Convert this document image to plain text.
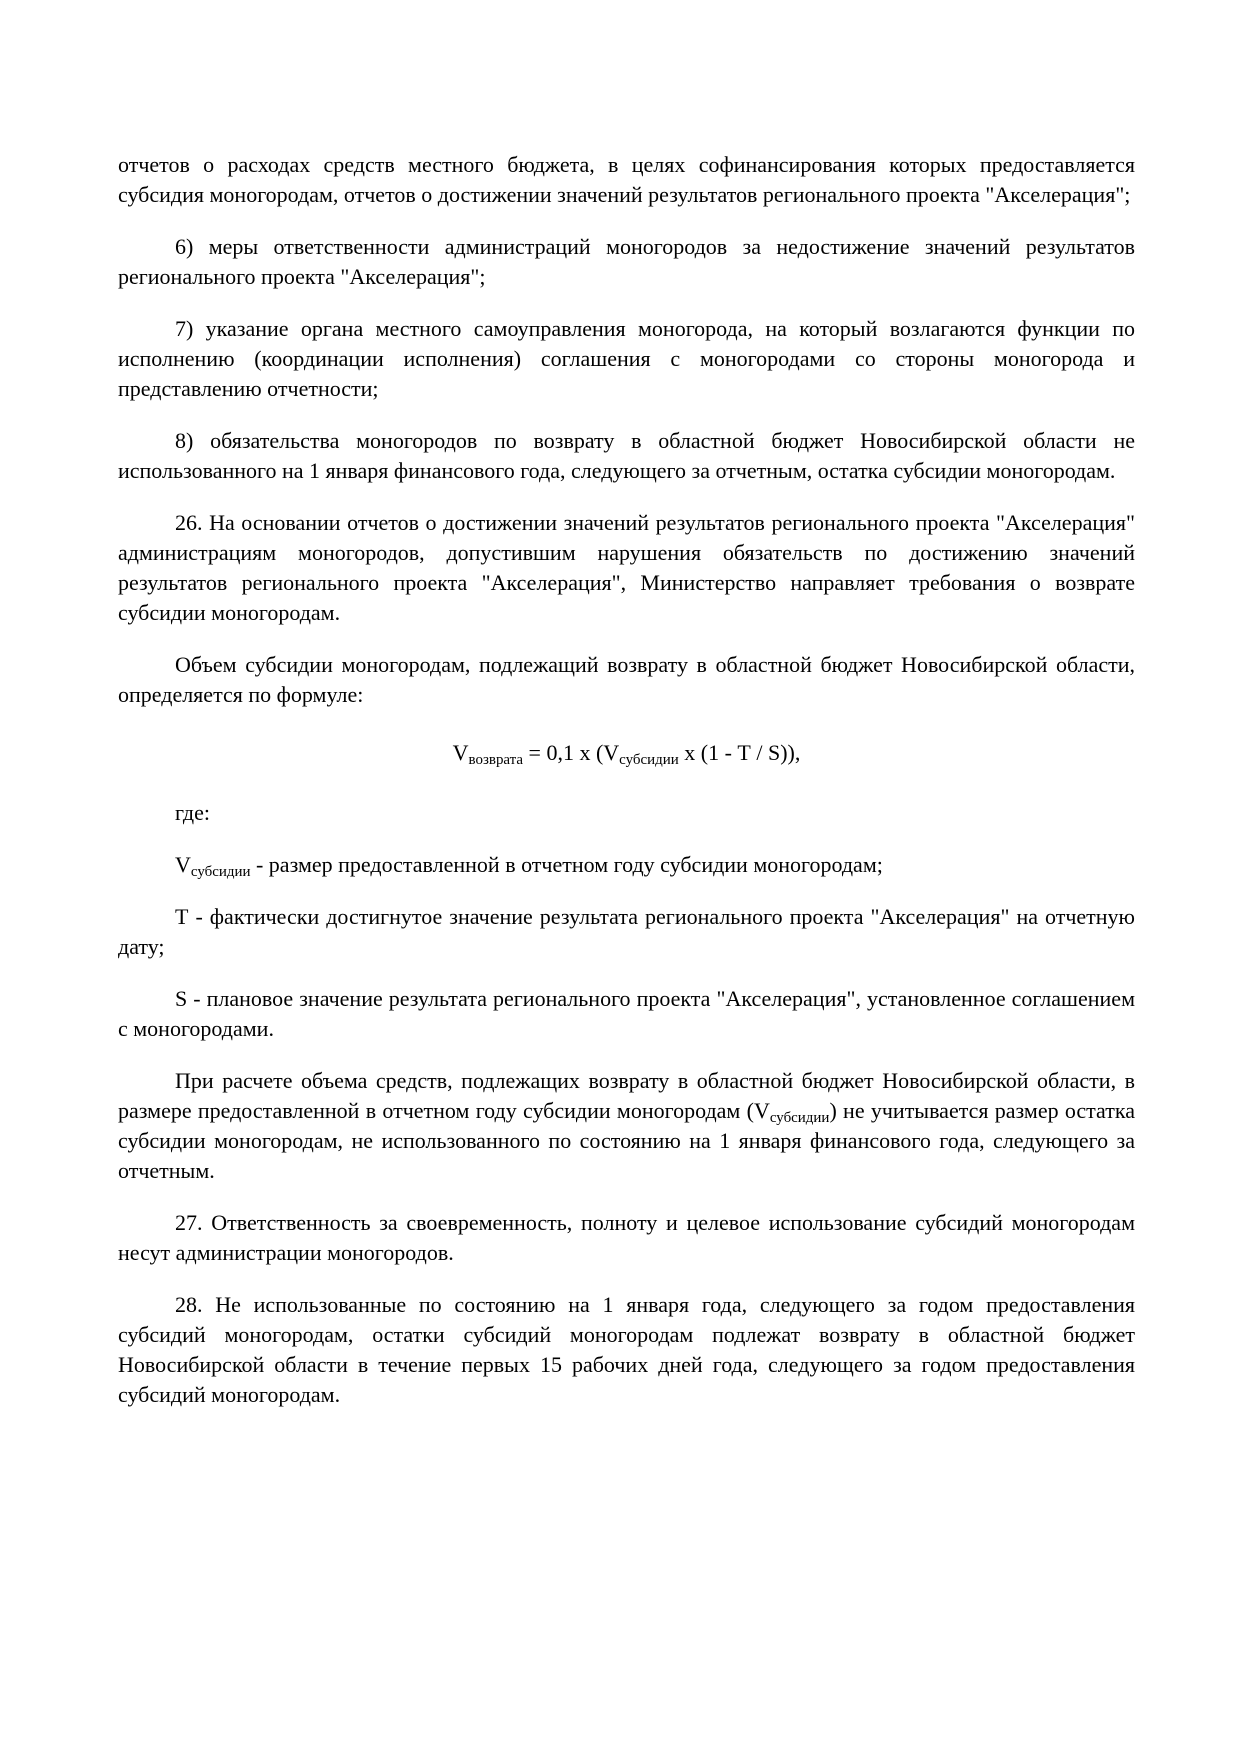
отчетов о расходах средств местного бюджета, в целях софинансирования которых предоставляется субсидия моногородам, отчетов о достижении значений результатов регионального проекта "Акселерация";

6) меры ответственности администраций моногородов за недостижение значений результатов регионального проекта "Акселерация";

7) указание органа местного самоуправления моногорода, на который возлагаются функции по исполнению (координации исполнения) соглашения с моногородами со стороны моногорода и представлению отчетности;

8) обязательства моногородов по возврату в областной бюджет Новосибирской области не использованного на 1 января финансового года, следующего за отчетным, остатка субсидии моногородам.

26. На основании отчетов о достижении значений результатов регионального проекта "Акселерация" администрациям моногородов, допустившим нарушения обязательств по достижению значений результатов регионального проекта "Акселерация", Министерство направляет требования о возврате субсидии моногородам.

Объем субсидии моногородам, подлежащий возврату в областной бюджет Новосибирской области, определяется по формуле:

$V_{возврата} = 0,1$ х ($V_{субсидии}$ х (1 - Т / S)),

где:

$V_{субсидии}$ - размер предоставленной в отчетном году субсидии моногородам;

Т - фактически достигнутое значение результата регионального проекта "Акселерация" на отчетную дату;

S - плановое значение результата регионального проекта "Акселерация", установленное соглашением с моногородами.

При расчете объема средств, подлежащих возврату в областной бюджет Новосибирской области, в размере предоставленной в отчетном году субсидии моногородам $(V_{субсидии})$ не учитывается размер остатка субсидии моногородам, не использованного по состоянию на 1 января финансового года, следующего за отчетным.

27. Ответственность за своевременность, полноту и целевое использование субсидий моногородам несут администрации моногородов.

28. Не использованные по состоянию на 1 января года, следующего за годом предоставления субсидий моногородам, остатки субсидий моногородам подлежат возврату в областной бюджет Новосибирской области в течение первых 15 рабочих дней года, следующего за годом предоставления субсидий моногородам.
